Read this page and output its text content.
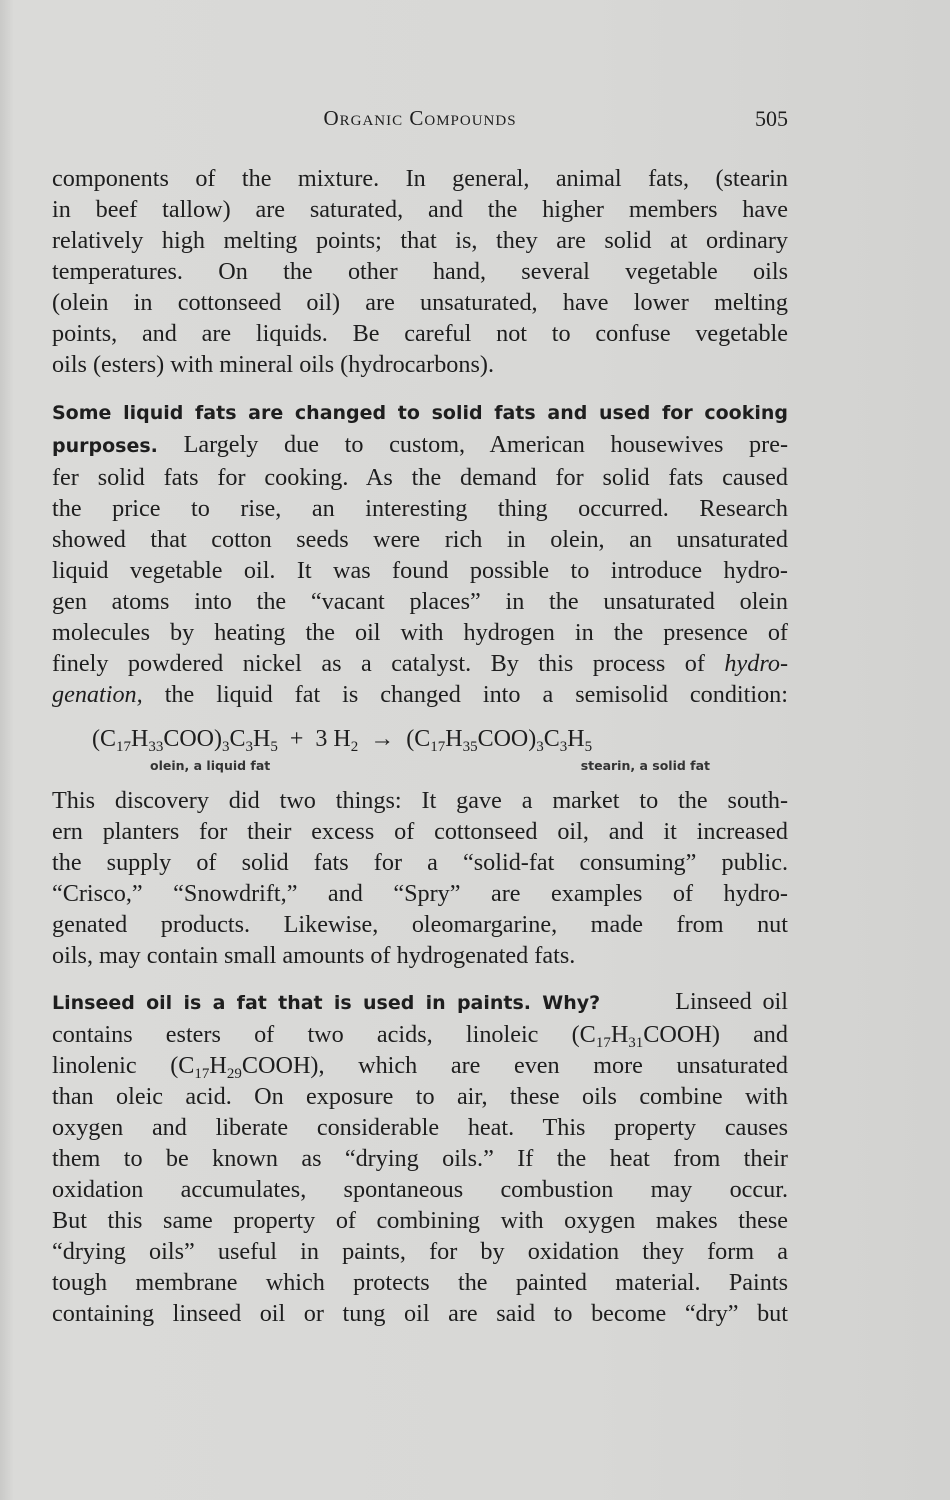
Organic Compounds	505
components of the mixture. In general, animal fats, (stearin
in beef tallow) are saturated, and the higher members have
relatively high melting points; that is, they are solid at ordinary
temperatures. On the other hand, several vegetable oils
(olein in cottonseed oil) are unsaturated, have lower melting
points, and are liquids. Be careful not to confuse vegetable
oils (esters) with mineral oils (hydrocarbons).
Some liquid fats are changed to solid fats and used for cooking
purposes. Largely due to custom, American housewives pre-
fer solid fats for cooking. As the demand for solid fats caused
the price to rise, an interesting thing occurred. Research
showed that cotton seeds were rich in olein, an unsaturated
liquid vegetable oil. It was found possible to introduce hydro-
gen atoms into the “vacant places” in the unsaturated olein
molecules by heating the oil with hydrogen in the presence of
finely powdered nickel as a catalyst. By this process of hydro-
genation, the liquid fat is changed into a semisolid condition:
$(C_{17}H_{33}COO)_3C_3H_5 + 3$ $H_2 \to (C_{17}H_{35}COO)_3C_3H_5$
olein, a liquid fat	stearin, a solid fat
This discovery did two things: It gave a market to the south-
ern planters for their excess of cottonseed oil, and it increased
the supply of solid fats for a “solid-fat consuming” public.
“Crisco,” “Snowdrift,” and “Spry” are examples of hydro-
genated products. Likewise, oleomargarine, made from nut
oils, may contain small amounts of hydrogenated fats.
Linseed oil is a fat that is used in paints. Why?	Linseed oil
contains esters of two acids, linoleic $(C_{17}H_{31}COOH)$ and
linolenic $(C_{17}H_{29}COOH)$, which are even more unsaturated
than oleic acid. On exposure to air, these oils combine with
oxygen and liberate considerable heat. This property causes
them to be known as “drying oils.” If the heat from their
oxidation accumulates, spontaneous combustion may occur.
But this same property of combining with oxygen makes these
“drying oils” useful in paints, for by oxidation they form a
tough membrane which protects the painted material. Paints
containing linseed oil or tung oil are said to become “dry” but
